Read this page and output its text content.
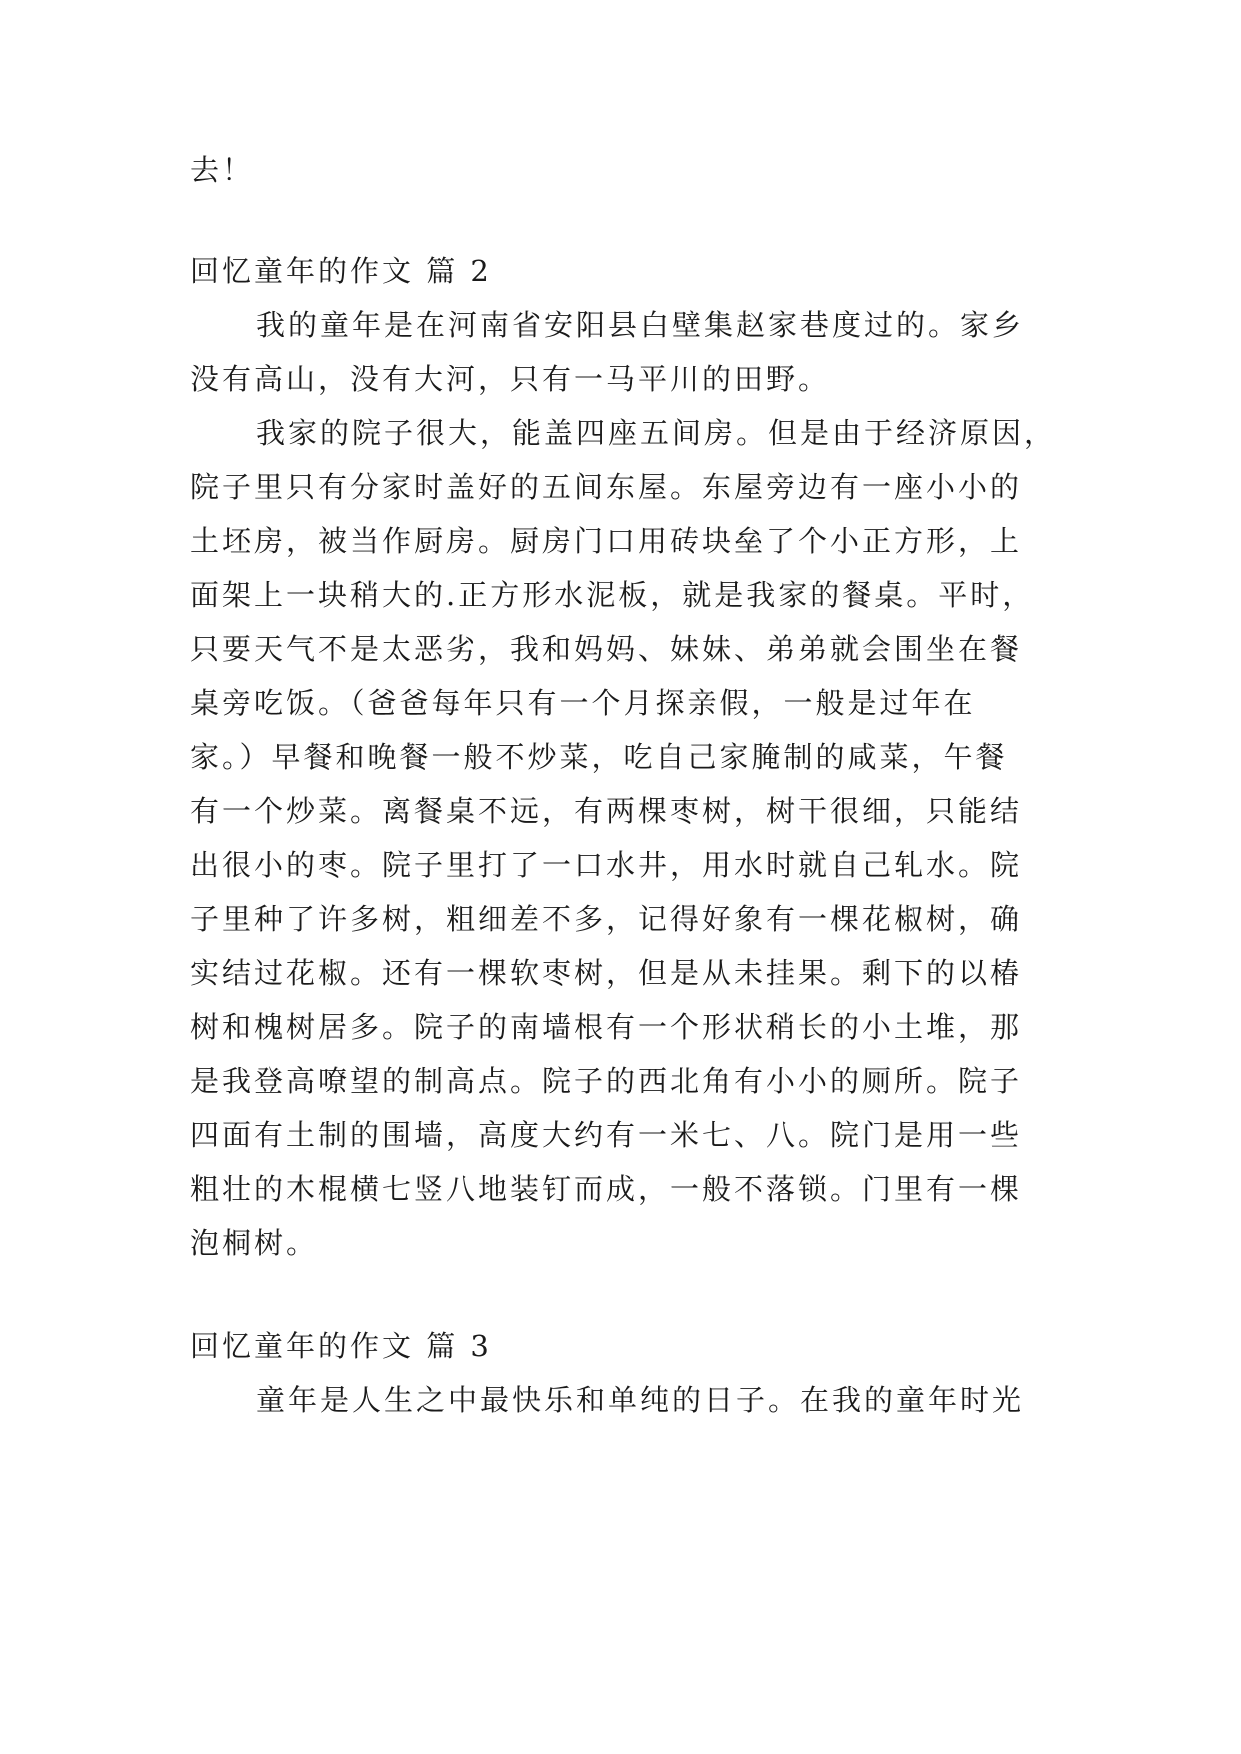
去！
回忆童年的作文 篇 2
我的童年是在河南省安阳县白壁集赵家巷度过的。家乡
没有高山，没有大河，只有一马平川的田野。
我家的院子很大，能盖四座五间房。但是由于经济原因，
院子里只有分家时盖好的五间东屋。东屋旁边有一座小小的
土坯房，被当作厨房。厨房门口用砖块垒了个小正方形，上
面架上一块稍大的.正方形水泥板，就是我家的餐桌。平时，
只要天气不是太恶劣，我和妈妈、妹妹、弟弟就会围坐在餐
桌旁吃饭。（爸爸每年只有一个月探亲假，一般是过年在
家。）早餐和晚餐一般不炒菜，吃自己家腌制的咸菜，午餐
有一个炒菜。离餐桌不远，有两棵枣树，树干很细，只能结
出很小的枣。院子里打了一口水井，用水时就自己轧水。院
子里种了许多树，粗细差不多，记得好象有一棵花椒树，确
实结过花椒。还有一棵软枣树，但是从未挂果。剩下的以椿
树和槐树居多。院子的南墙根有一个形状稍长的小土堆，那
是我登高嘹望的制高点。院子的西北角有小小的厕所。院子
四面有土制的围墙，高度大约有一米七、八。院门是用一些
粗壮的木棍横七竖八地装钉而成，一般不落锁。门里有一棵
泡桐树。
回忆童年的作文 篇 3
童年是人生之中最快乐和单纯的日子。在我的童年时光
